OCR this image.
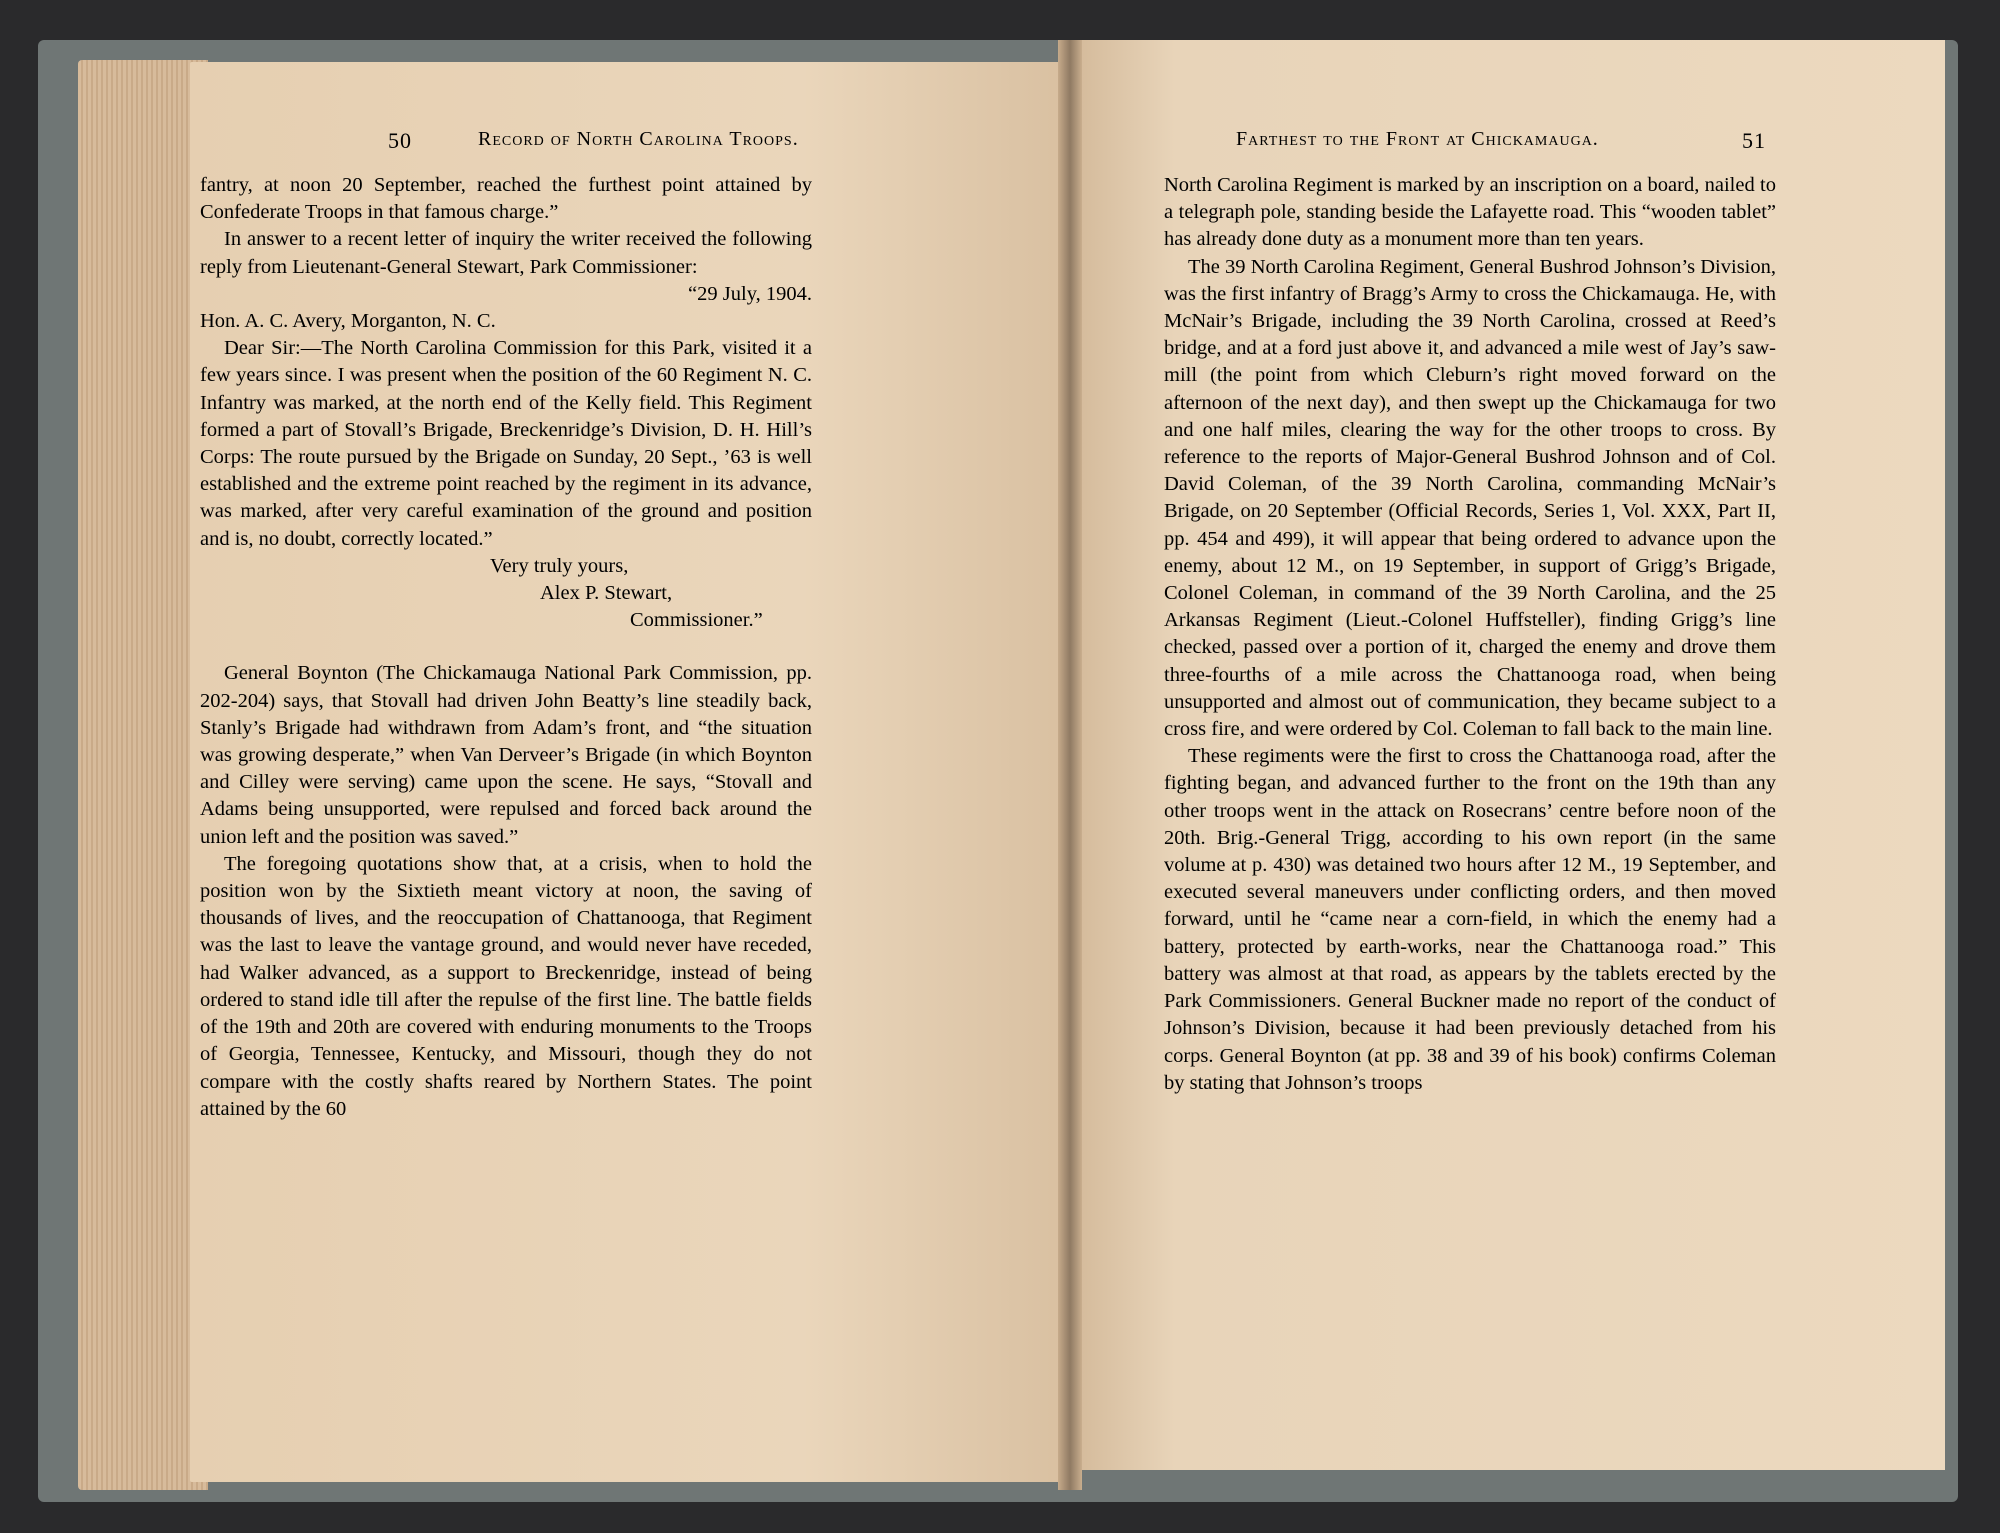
50	Record of North Carolina Troops.	Farthest to the Front at Chickamauga.	51

fantry, at noon 20 September, reached the furthest point attained by Confederate Troops in that famous charge.”

In answer to a recent letter of inquiry the writer received the following reply from Lieutenant-General Stewart, Park Commissioner:

“29 July, 1904.

Hon. A. C. Avery, Morganton, N. C.

Dear Sir:—The North Carolina Commission for this Park, visited it a few years since. I was present when the position of the 60 Regiment N. C. Infantry was marked, at the north end of the Kelly field. This Regiment formed a part of Stovall’s Brigade, Breckenridge’s Division, D. H. Hill’s Corps: The route pursued by the Brigade on Sunday, 20 Sept., ’63 is well established and the extreme point reached by the regiment in its advance, was marked, after very careful examination of the ground and position and is, no doubt, correctly located.”

Very truly yours,

Alex P. Stewart,

Commissioner.”

General Boynton (The Chickamauga National Park Commission, pp. 202-204) says, that Stovall had driven John Beatty’s line steadily back, Stanly’s Brigade had withdrawn from Adam’s front, and “the situation was growing desperate,” when Van Derveer’s Brigade (in which Boynton and Cilley were serving) came upon the scene. He says, “Stovall and Adams being unsupported, were repulsed and forced back around the union left and the position was saved.”

The foregoing quotations show that, at a crisis, when to hold the position won by the Sixtieth meant victory at noon, the saving of thousands of lives, and the reoccupation of Chattanooga, that Regiment was the last to leave the vantage ground, and would never have receded, had Walker advanced, as a support to Breckenridge, instead of being ordered to stand idle till after the repulse of the first line. The battle fields of the 19th and 20th are covered with enduring monuments to the Troops of Georgia, Tennessee, Kentucky, and Missouri, though they do not compare with the costly shafts reared by Northern States. The point attained by the 60

North Carolina Regiment is marked by an inscription on a board, nailed to a telegraph pole, standing beside the Lafayette road. This “wooden tablet” has already done duty as a monument more than ten years.

The 39 North Carolina Regiment, General Bushrod Johnson’s Division, was the first infantry of Bragg’s Army to cross the Chickamauga. He, with McNair’s Brigade, including the 39 North Carolina, crossed at Reed’s bridge, and at a ford just above it, and advanced a mile west of Jay’s saw-mill (the point from which Cleburn’s right moved forward on the afternoon of the next day), and then swept up the Chickamauga for two and one half miles, clearing the way for the other troops to cross. By reference to the reports of Major-General Bushrod Johnson and of Col. David Coleman, of the 39 North Carolina, commanding McNair’s Brigade, on 20 September (Official Records, Series 1, Vol. XXX, Part II, pp. 454 and 499), it will appear that being ordered to advance upon the enemy, about 12 M., on 19 September, in support of Grigg’s Brigade, Colonel Coleman, in command of the 39 North Carolina, and the 25 Arkansas Regiment (Lieut.-Colonel Huffsteller), finding Grigg’s line checked, passed over a portion of it, charged the enemy and drove them three-fourths of a mile across the Chattanooga road, when being unsupported and almost out of communication, they became subject to a cross fire, and were ordered by Col. Coleman to fall back to the main line.

These regiments were the first to cross the Chattanooga road, after the fighting began, and advanced further to the front on the 19th than any other troops went in the attack on Rosecrans’ centre before noon of the 20th. Brig.-General Trigg, according to his own report (in the same volume at p. 430) was detained two hours after 12 M., 19 September, and executed several maneuvers under conflicting orders, and then moved forward, until he “came near a corn-field, in which the enemy had a battery, protected by earth-works, near the Chattanooga road.” This battery was almost at that road, as appears by the tablets erected by the Park Commissioners. General Buckner made no report of the conduct of Johnson’s Division, because it had been previously detached from his corps. General Boynton (at pp. 38 and 39 of his book) confirms Coleman by stating that Johnson’s troops
